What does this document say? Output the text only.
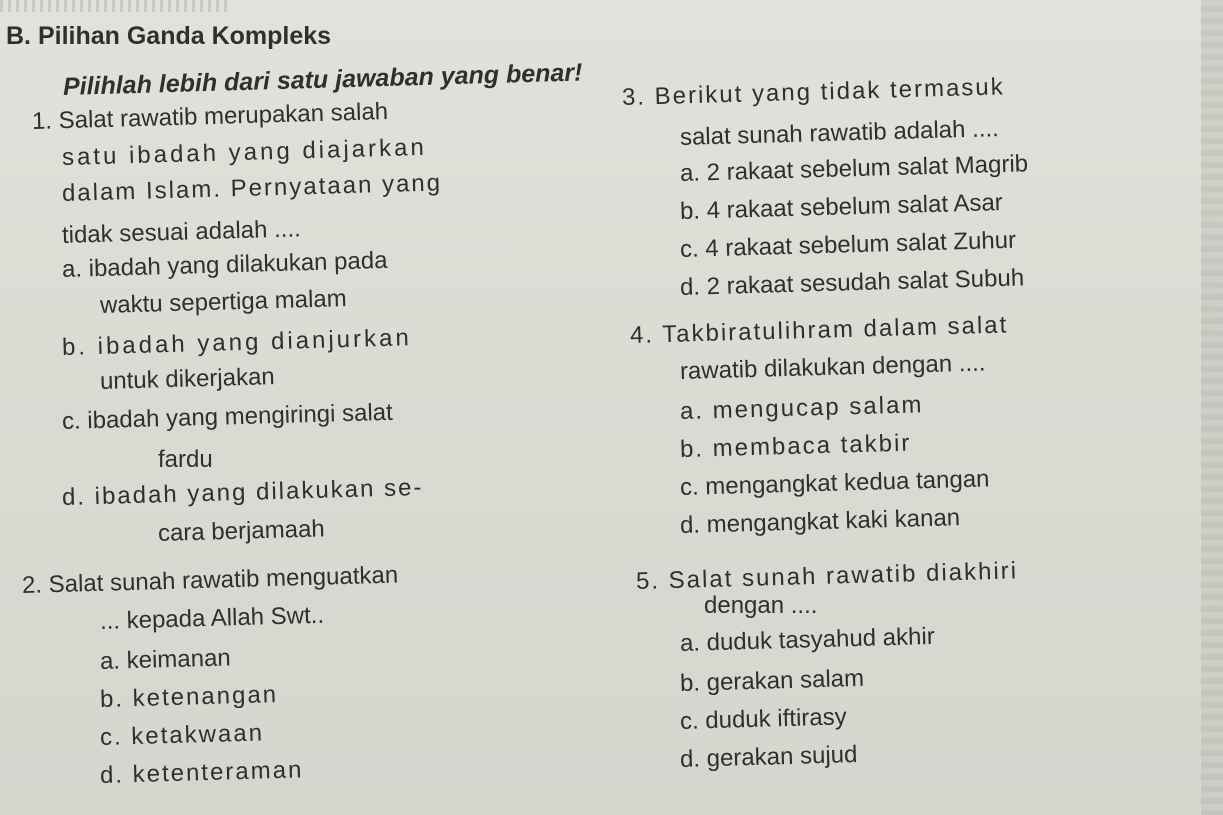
B. Pilihan Ganda Kompleks
Pilihlah lebih dari satu jawaban yang benar!
1. Salat rawatib merupakan salah
satu ibadah yang diajarkan
dalam Islam. Pernyataan yang
tidak sesuai adalah ....
a. ibadah yang dilakukan pada
waktu sepertiga malam
b. ibadah yang dianjurkan
untuk dikerjakan
c. ibadah yang mengiringi salat
fardu
d. ibadah yang dilakukan se-
cara berjamaah
2. Salat sunah rawatib menguatkan
... kepada Allah Swt..
a. keimanan
b. ketenangan
c. ketakwaan
d. ketenteraman
3. Berikut yang tidak termasuk
salat sunah rawatib adalah ....
a. 2 rakaat sebelum salat Magrib
b. 4 rakaat sebelum salat Asar
c. 4 rakaat sebelum salat Zuhur
d. 2 rakaat sesudah salat Subuh
4. Takbiratulihram dalam salat
rawatib dilakukan dengan ....
a. mengucap salam
b. membaca takbir
c. mengangkat kedua tangan
d. mengangkat kaki kanan
5. Salat sunah rawatib diakhiri
dengan ....
a. duduk tasyahud akhir
b. gerakan salam
c. duduk iftirasy
d. gerakan sujud
